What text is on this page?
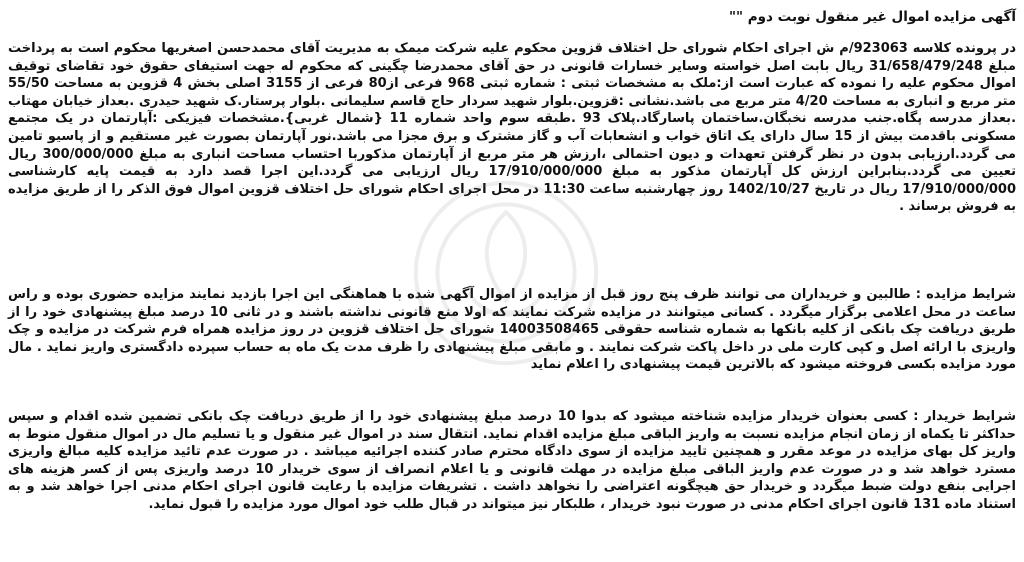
آگهی مزایده اموال غیر منقول نوبت دوم ""
در پرونده کلاسه 923063/م ش اجرای احکام شورای حل اختلاف قزوین محکوم علیه شرکت میمک به مدیریت آقای محمدحسن اصغریها محکوم است به پرداخت مبلغ 31/658/479/248 ریال بابت اصل خواسته وسایر خسارات قانونی در حق آقای محمدرضا چگینی که محکوم له جهت استیفای حقوق خود تقاضای توقیف اموال محکوم علیه را نموده که عبارت است از:ملک به مشخصات ثبتی : شماره ثبتی 968 فرعی از80 فرعی از 3155 اصلی بخش 4 قزوین به مساحت 55/50 متر مربع و انباری به مساحت 4/20 متر مربع می باشد.نشانی :قزوین.بلوار شهید سردار حاج قاسم سلیمانی .بلوار پرستار.ک شهید حیدری .بعداز خیابان مهتاب .بعداز مدرسه پگاه.جنب مدرسه نخبگان.ساختمان پاسارگاد.پلاک 93 .طبقه سوم واحد شماره 11 {شمال غربی}.مشخصات فیزیکی :آپارتمان در یک مجتمع مسکونی باقدمت بیش از 15 سال دارای یک اتاق خواب و انشعابات آب و گاز مشترک و برق مجزا می باشد.نور آپارتمان بصورت غیر مستقیم و از پاسیو تامین می گردد.ارزیابی بدون در نظر گرفتن تعهدات و دیون احتمالی ،ارزش هر متر مربع از آپارتمان مذکوربا احتساب مساحت انباری به مبلغ 300/000/000 ریال تعیین می گردد.بنابراین ارزش کل آپارتمان مذکور به مبلغ 17/910/000/000 ریال ارزیابی می گردد.این اجرا قصد دارد به قیمت پایه کارشناسی 17/910/000/000 ریال در تاریخ 1402/10/27 روز چهارشنبه ساعت 11:30 در محل اجرای احکام شورای حل اختلاف قزوین اموال فوق الذکر را از طریق مزایده به فروش برساند .
شرایط مزایده : طالبین و خریداران می توانند ظرف پنج روز قبل از مزایده از اموال آگهی شده با هماهنگی این اجرا بازدید نمایند مزایده حضوری بوده و راس ساعت در محل اعلامی برگزار میگردد . کسانی میتوانند در مزایده شرکت نمایند که اولا منع قانونی نداشته باشند و در ثانی 10 درصد مبلغ پیشنهادی خود را از طریق دریافت چک بانکی از کلیه بانکها به شماره شناسه حقوقی 14003508465 شورای حل اختلاف قزوین در روز مزایده همراه فرم شرکت در مزایده و چک واریزی با ارائه اصل و کپی کارت ملی در داخل پاکت شرکت نمایند . و مابقی مبلغ پیشنهادی را ظرف مدت یک ماه به حساب سپرده دادگستری واریز نماید . مال مورد مزایده بکسی فروخته میشود که بالاترین قیمت پیشنهادی را اعلام نماید
شرایط خریدار : کسی بعنوان خریدار مزایده شناخته میشود که بدوا 10 درصد مبلغ پیشنهادی خود را از طریق دریافت چک بانکی تضمین شده اقدام و سپس حداکثر تا یکماه از زمان انجام مزایده نسبت به واریز الباقی مبلغ مزایده اقدام نماید. انتقال سند در اموال غیر منقول و یا تسلیم مال در اموال منقول منوط به واریز کل بهای مزایده در موعد مقرر و همچنین تایید مزایده از سوی دادگاه محترم صادر کننده اجرائیه میباشد . در صورت عدم تائید مزایده کلیه مبالغ واریزی مسترد خواهد شد و در صورت عدم واریز الباقی مبلغ مزایده در مهلت قانونی و یا اعلام انصراف از سوی خریدار 10 درصد واریزی پس از کسر هزینه های اجرایی بنفع دولت ضبط میگردد و خریدار حق هیچگونه اعتراضی را نخواهد داشت . تشریفات مزایده با رعایت قانون اجرای احکام مدنی اجرا خواهد شد و به استناد ماده 131 قانون اجرای احکام مدنی در صورت نبود خریدار ، طلبکار نیز میتواند در قبال طلب خود اموال مورد مزایده را قبول نماید.
